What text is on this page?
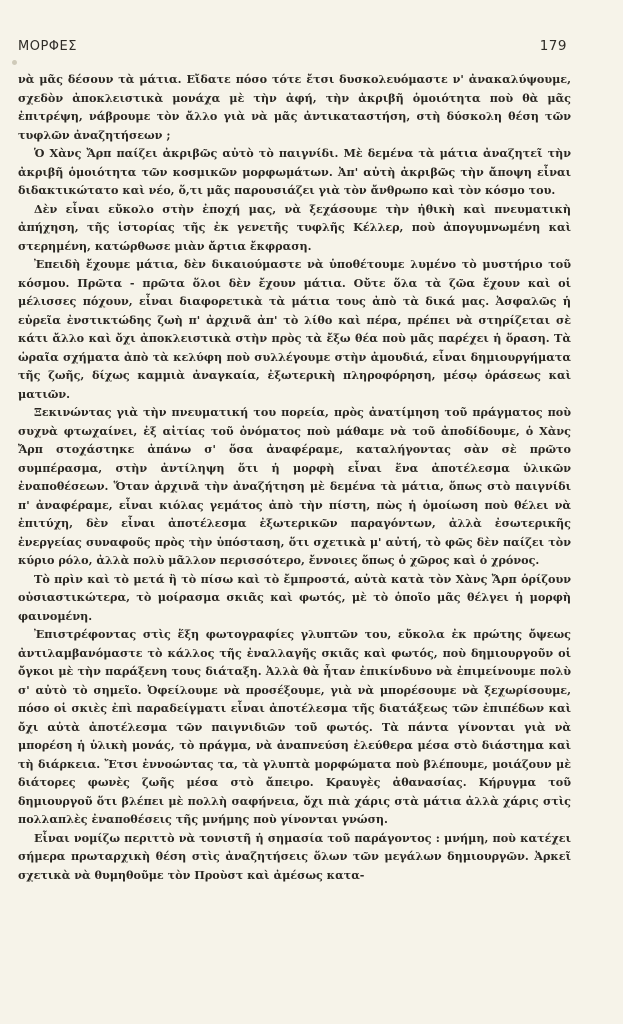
ΜΟΡΦΕΣ	179

νὰ μᾶς δέσουν τὰ μάτια. Εἴδατε πόσο τότε ἔτσι δυσκολευόμαστε ν' ἀνακαλύψουμε, σχεδὸν ἀποκλειστικὰ μονάχα μὲ τὴν ἀφή, τὴν ἀκριβῆ ὁμοιότητα ποὺ θὰ μᾶς ἐπιτρέψη, νάβρουμε τὸν ἄλλο γιὰ νὰ μᾶς ἀντικαταστήση, στὴ δύσκολη θέση τῶν τυφλῶν ἀναζητήσεων ;

Ὁ Χὰνς Ἄρπ παίζει ἀκριβῶς αὐτὸ τὸ παιγνίδι. Μὲ δεμένα τὰ μάτια ἀναζητεῖ τὴν ἀκριβῆ ὁμοιότητα τῶν κοσμικῶν μορφωμάτων. Ἀπ' αὐτὴ ἀκριβῶς τὴν ἄποψη εἶναι διδακτικώτατο καὶ νέο, ὅ,τι μᾶς παρουσιάζει γιὰ τὸν ἄνθρωπο καὶ τὸν κόσμο του.

Δὲν εἶναι εὔκολο στὴν ἐποχή μας, νὰ ξεχάσουμε τὴν ἠθικὴ καὶ πνευματικὴ ἀπήχηση, τῆς ἱστορίας τῆς ἐκ γενετῆς τυφλῆς Κέλλερ, ποὺ ἀπογυμνωμένη καὶ στερημένη, κατώρθωσε μιὰν ἄρτια ἔκφραση.

Ἐπειδὴ ἔχουμε μάτια, δὲν δικαιούμαστε νὰ ὑποθέτουμε λυμένο τὸ μυστήριο τοῦ κόσμου. Πρῶτα - πρῶτα ὅλοι δὲν ἔχουν μάτια. Οὔτε ὅλα τὰ ζῶα ἔχουν καὶ οἱ μέλισσες πόχουν, εἶναι διαφορετικὰ τὰ μάτια τους ἀπὸ τὰ δικά μας. Ἀσφαλῶς ἡ εὐρεῖα ἐνστικτώδης ζωὴ π' ἀρχινᾶ ἀπ' τὸ λίθο καὶ πέρα, πρέπει νὰ στηρίζεται σὲ κάτι ἄλλο καὶ ὄχι ἀποκλειστικὰ στὴν πρὸς τὰ ἔξω θέα ποὺ μᾶς παρέχει ἡ ὅραση. Τὰ ὡραῖα σχήματα ἀπὸ τὰ κελύφη ποὺ συλλέγουμε στὴν ἀμουδιά, εἶναι δημιουργήματα τῆς ζωῆς, δίχως καμμιὰ ἀναγκαία, ἐξωτερικὴ πληροφόρηση, μέσῳ ὁράσεως καὶ ματιῶν.

Ξεκινώντας γιὰ τὴν πνευματική του πορεία, πρὸς ἀνατίμηση τοῦ πράγματος ποὺ συχνὰ φτωχαίνει, ἐξ αἰτίας τοῦ ὀνόματος ποὺ μάθαμε νὰ τοῦ ἀποδίδουμε, ὁ Χὰνς Ἄρπ στοχάστηκε ἀπάνω σ' ὅσα ἀναφέραμε, καταλήγοντας σὰν σὲ πρῶτο συμπέρασμα, στὴν ἀντίληψη ὅτι ἡ μορφὴ εἶναι ἕνα ἀποτέλεσμα ὑλικῶν ἐναποθέσεων. Ὅταν ἀρχινᾶ τὴν ἀναζήτηση μὲ δεμένα τὰ μάτια, ὅπως στὸ παιγνίδι π' ἀναφέραμε, εἶναι κιόλας γεμάτος ἀπὸ τὴν πίστη, πὼς ἡ ὁμοίωση ποὺ θέλει νὰ ἐπιτύχη, δὲν εἶναι ἀποτέλεσμα ἐξωτερικῶν παραγόντων, ἀλλὰ ἐσωτερικῆς ἐνεργείας συναφοῦς πρὸς τὴν ὑπόσταση, ὅτι σχετικὰ μ' αὐτή, τὸ φῶς δὲν παίζει τὸν κύριο ρόλο, ἀλλὰ πολὺ μᾶλλον περισσότερο, ἔννοιες ὅπως ὁ χῶρος καὶ ὁ χρόνος.

Τὸ πρὶν καὶ τὸ μετά ἢ τὸ πίσω καὶ τὸ ἔμπροστά, αὐτὰ κατὰ τὸν Χὰνς Ἄρπ ὁρίζουν οὐσιαστικώτερα, τὸ μοίρασμα σκιᾶς καὶ φωτός, μὲ τὸ ὁποῖο μᾶς θέλγει ἡ μορφὴ φαινομένη.

Ἐπιστρέφοντας στὶς ἕξη φωτογραφίες γλυπτῶν του, εὔκολα ἐκ πρώτης ὄψεως ἀντιλαμβανόμαστε τὸ κάλλος τῆς ἐναλλαγῆς σκιᾶς καὶ φωτός, ποὺ δημιουργοῦν οἱ ὄγκοι μὲ τὴν παράξενη τους διάταξη. Ἀλλὰ θὰ ἦταν ἐπικίνδυνο νὰ ἐπιμείνουμε πολὺ σ' αὐτὸ τὸ σημεῖο. Ὀφείλουμε νὰ προσέξουμε, γιὰ νὰ μπορέσουμε νὰ ξεχωρίσουμε, πόσο οἱ σκιὲς ἐπὶ παραδείγματι εἶναι ἀποτέλεσμα τῆς διατάξεως τῶν ἐπιπέδων καὶ ὄχι αὐτὰ ἀποτέλεσμα τῶν παιγνιδιῶν τοῦ φωτός. Τὰ πάντα γίνονται γιὰ νὰ μπορέση ἡ ὑλικὴ μονάς, τὸ πράγμα, νὰ ἀναπνεύση ἐλεύθερα μέσα στὸ διάστημα καὶ τὴ διάρκεια. Ἔτσι ἐννοώντας τα, τὰ γλυπτὰ μορφώματα ποὺ βλέπουμε, μοιάζουν μὲ διάτορες φωνὲς ζωῆς μέσα στὸ ἄπειρο. Κραυγὲς ἀθανασίας. Κήρυγμα τοῦ δημιουργοῦ ὅτι βλέπει μὲ πολλὴ σαφήνεια, ὄχι πιὰ χάρις στὰ μάτια ἀλλὰ χάρις στὶς πολλαπλὲς ἐναποθέσεις τῆς μνήμης ποὺ γίνονται γνώση.

Εἶναι νομίζω περιττὸ νὰ τονιστῆ ἡ σημασία τοῦ παράγοντος : μνήμη, ποὺ κατέχει σήμερα πρωταρχικὴ θέση στὶς ἀναζητήσεις ὅλων τῶν μεγάλων δημιουργῶν. Ἀρκεῖ σχετικὰ νὰ θυμηθοῦμε τὸν Προὺστ καὶ ἀμέσως κατα-
